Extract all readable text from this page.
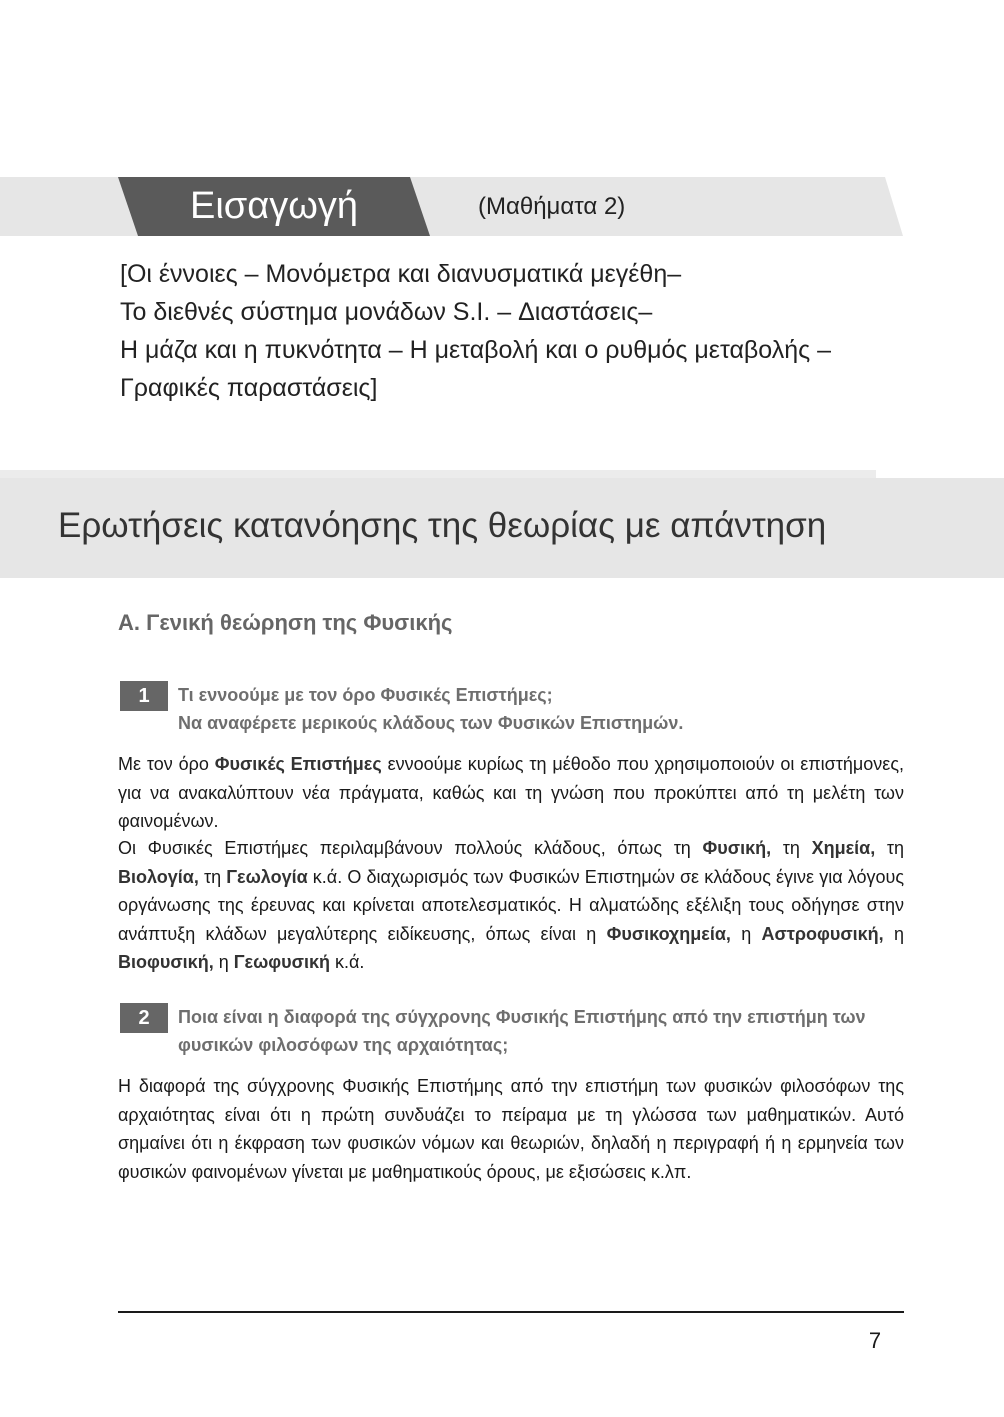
Εισαγωγή	(Μαθήματα 2)
[Οι έννοιες – Μονόμετρα και διανυσματικά μεγέθη–
Το διεθνές σύστημα μονάδων S.I. – Διαστάσεις–
Η μάζα και η πυκνότητα – Η μεταβολή και ο ρυθμός μεταβολής –
Γραφικές παραστάσεις]
Ερωτήσεις κατανόησης της θεωρίας με απάντηση
Α. Γενική θεώρηση της Φυσικής
1	Τι εννοούμε με τον όρο Φυσικές Επιστήμες;
Να αναφέρετε μερικούς κλάδους των Φυσικών Επιστημών.
Με τον όρο Φυσικές Επιστήμες εννοούμε κυρίως τη μέθοδο που χρησιμοποιούν οι επιστήμονες, για να ανακαλύπτουν νέα πράγματα, καθώς και τη γνώση που προκύπτει από τη μελέτη των φαινομένων.
Οι Φυσικές Επιστήμες περιλαμβάνουν πολλούς κλάδους, όπως τη Φυσική, τη Χημεία, τη Βιολογία, τη Γεωλογία κ.ά. Ο διαχωρισμός των Φυσικών Επιστημών σε κλάδους έγινε για λόγους οργάνωσης της έρευνας και κρίνεται αποτελεσματικός. Η αλματώδης εξέλιξη τους οδήγησε στην ανάπτυξη κλάδων μεγαλύτερης ειδίκευσης, όπως είναι η Φυσικοχημεία, η Αστροφυσική, η Βιοφυσική, η Γεωφυσική κ.ά.
2	Ποια είναι η διαφορά της σύγχρονης Φυσικής Επιστήμης από την επιστήμη των
φυσικών φιλοσόφων της αρχαιότητας;
Η διαφορά της σύγχρονης Φυσικής Επιστήμης από την επιστήμη των φυσικών φιλοσόφων της αρχαιότητας είναι ότι η πρώτη συνδυάζει το πείραμα με τη γλώσσα των μαθηματικών. Αυτό σημαίνει ότι η έκφραση των φυσικών νόμων και θεωριών, δηλαδή η περιγραφή ή η ερμηνεία των φυσικών φαινομένων γίνεται με μαθηματικούς όρους, με εξισώσεις κ.λπ.
7
